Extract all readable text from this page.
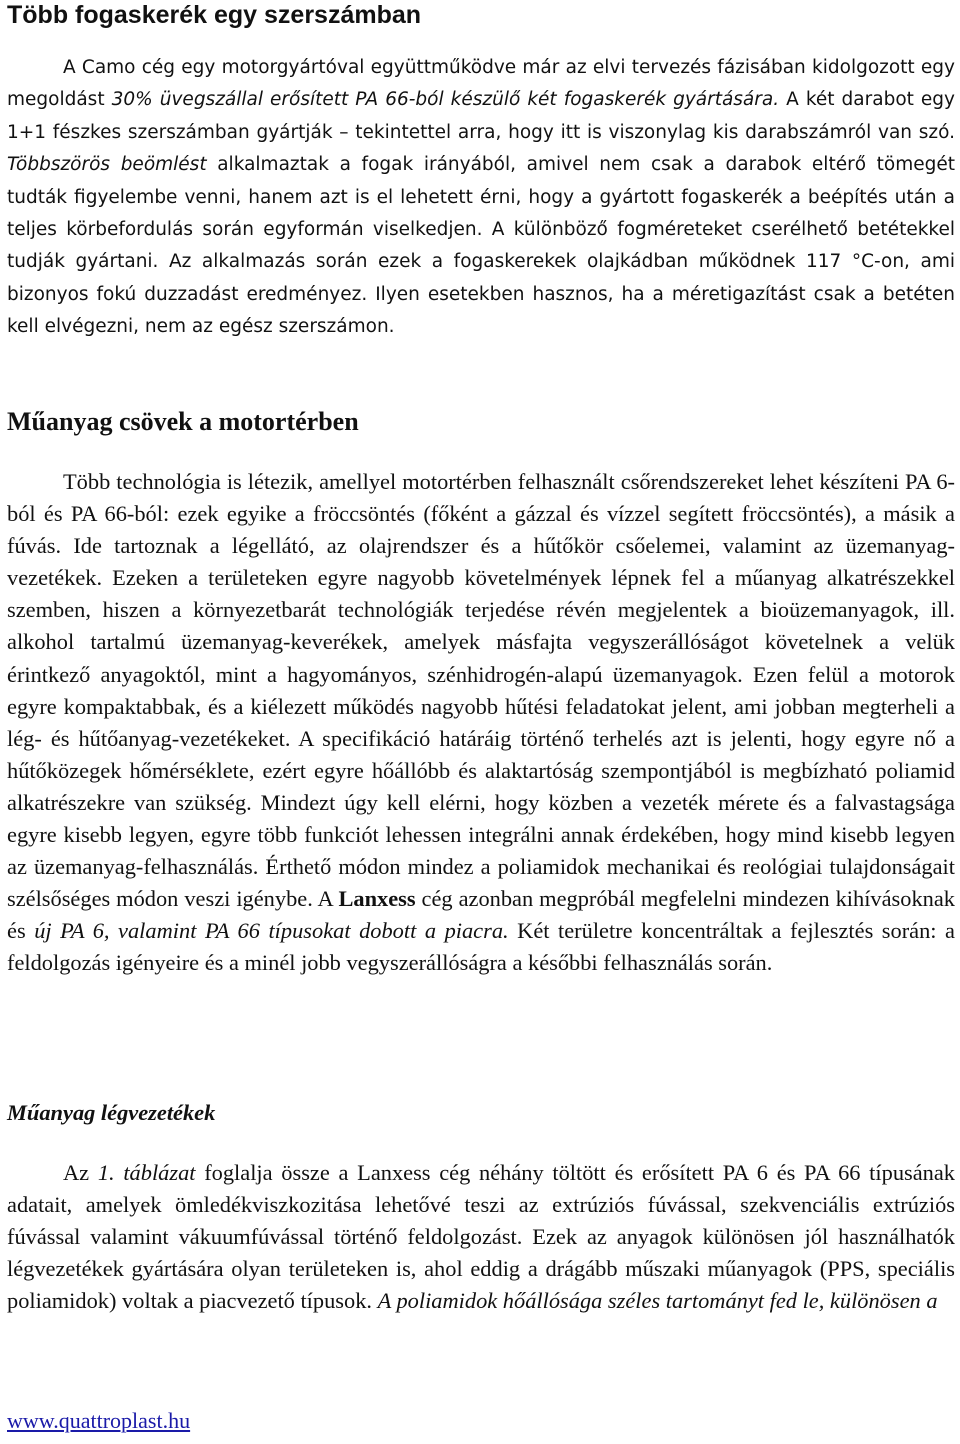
Több fogaskerék egy szerszámban

A Camo cég egy motorgyártóval együttműködve már az elvi tervezés fázisában kidolgozott egy megoldást 30% üvegszállal erősített PA 66-ból készülő két fogaskerék gyártására. A két darabot egy 1+1 fészkes szerszámban gyártják – tekintettel arra, hogy itt is viszonylag kis darabszámról van szó. Többszörös beömlést alkalmaztak a fogak irányából, amivel nem csak a darabok eltérő tömegét tudták figyelembe venni, hanem azt is el lehetett érni, hogy a gyártott fogaskerék a beépítés után a teljes körbefordulás során egyformán viselkedjen. A különböző fogméreteket cserélhető betétekkel tudják gyártani. Az alkalmazás során ezek a fogaskerekek olajkádban működnek 117 °C-on, ami bizonyos fokú duzzadást eredményez. Ilyen esetekben hasznos, ha a méretigazítást csak a betéten kell elvégezni, nem az egész szerszámon.

Műanyag csövek a motortérben

Több technológia is létezik, amellyel motortérben felhasznált csőrendszereket lehet készíteni PA 6-ból és PA 66-ból: ezek egyike a fröccsöntés (főként a gázzal és vízzel segített fröccsöntés), a másik a fúvás. Ide tartoznak a légellátó, az olajrendszer és a hűtőkör csőelemei, valamint az üzemanyag-vezetékek. Ezeken a területeken egyre nagyobb követelmények lépnek fel a műanyag alkatrészekkel szemben, hiszen a környezetbarát technológiák terjedése révén megjelentek a bioüzemanyagok, ill. alkohol tartalmú üzemanyag-keverékek, amelyek másfajta vegyszerállóságot követelnek a velük érintkező anyagoktól, mint a hagyományos, szénhidrogén-alapú üzemanyagok. Ezen felül a motorok egyre kompaktabbak, és a kiélezett működés nagyobb hűtési feladatokat jelent, ami jobban megterheli a lég- és hűtőanyag-vezetékeket. A specifikáció határáig történő terhelés azt is jelenti, hogy egyre nő a hűtőközegek hőmérséklete, ezért egyre hőállóbb és alaktartóság szempontjából is megbízható poliamid alkatrészekre van szükség. Mindezt úgy kell elérni, hogy közben a vezeték mérete és a falvastagsága egyre kisebb legyen, egyre több funkciót lehessen integrálni annak érdekében, hogy mind kisebb legyen az üzemanyag-felhasználás. Érthető módon mindez a poliamidok mechanikai és reológiai tulajdonságait szélsőséges módon veszi igénybe. A Lanxess cég azonban megpróbál megfelelni mindezen kihívásoknak és új PA 6, valamint PA 66 típusokat dobott a piacra. Két területre koncentráltak a fejlesztés során: a feldolgozás igényeire és a minél jobb vegyszerállóságra a későbbi felhasználás során.

Műanyag légvezetékek

Az 1. táblázat foglalja össze a Lanxess cég néhány töltött és erősített PA 6 és PA 66 típusának adatait, amelyek ömledékviszkozitása lehetővé teszi az extrúziós fúvással, szekvenciális extrúziós fúvással valamint vákuumfúvással történő feldolgozást. Ezek az anyagok különösen jól használhatók légvezetékek gyártására olyan területeken is, ahol eddig a drágább műszaki műanyagok (PPS, speciális poliamidok) voltak a piacvezető típusok. A poliamidok hőállósága széles tartományt fed le, különösen a

www.quattroplast.hu
